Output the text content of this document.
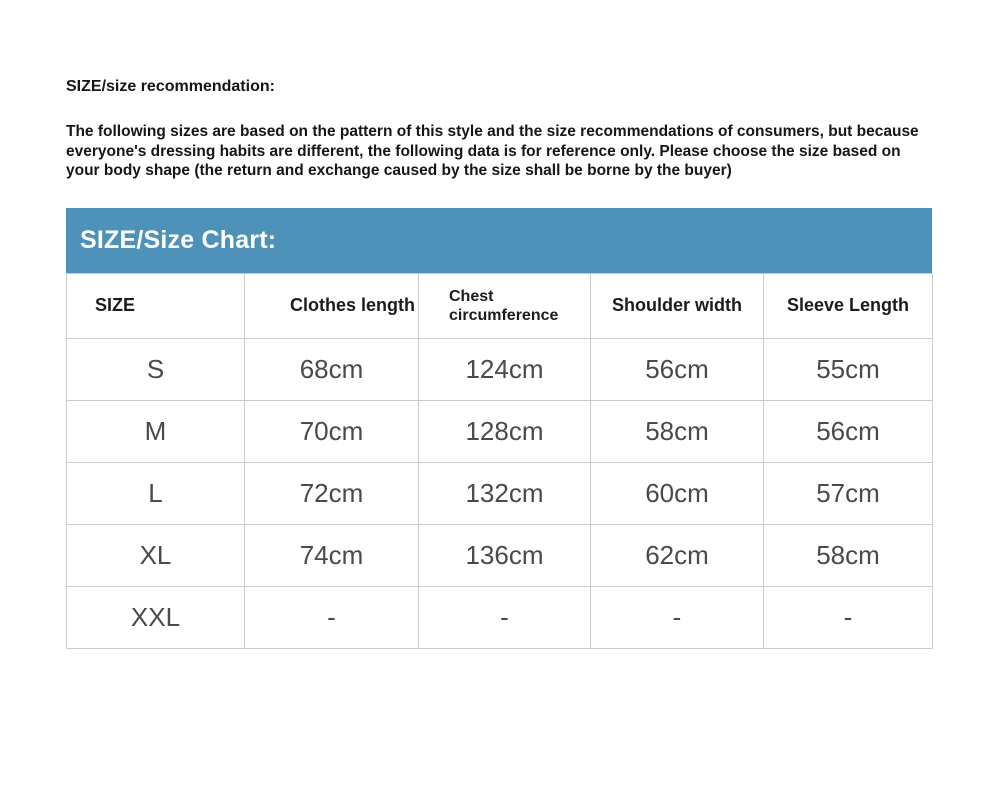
SIZE/size recommendation:

The following sizes are based on the pattern of this style and the size recommendations of consumers, but because everyone's dressing habits are different, the following data is for reference only. Please choose the size based on your body shape (the return and exchange caused by the size shall be borne by the buyer)

SIZE/Size Chart:
SIZE	Clothes length	Chest circumference	Shoulder width	Sleeve Length
S	68cm	124cm	56cm	55cm
M	70cm	128cm	58cm	56cm
L	72cm	132cm	60cm	57cm
XL	74cm	136cm	62cm	58cm
XXL	-	-	-	-
